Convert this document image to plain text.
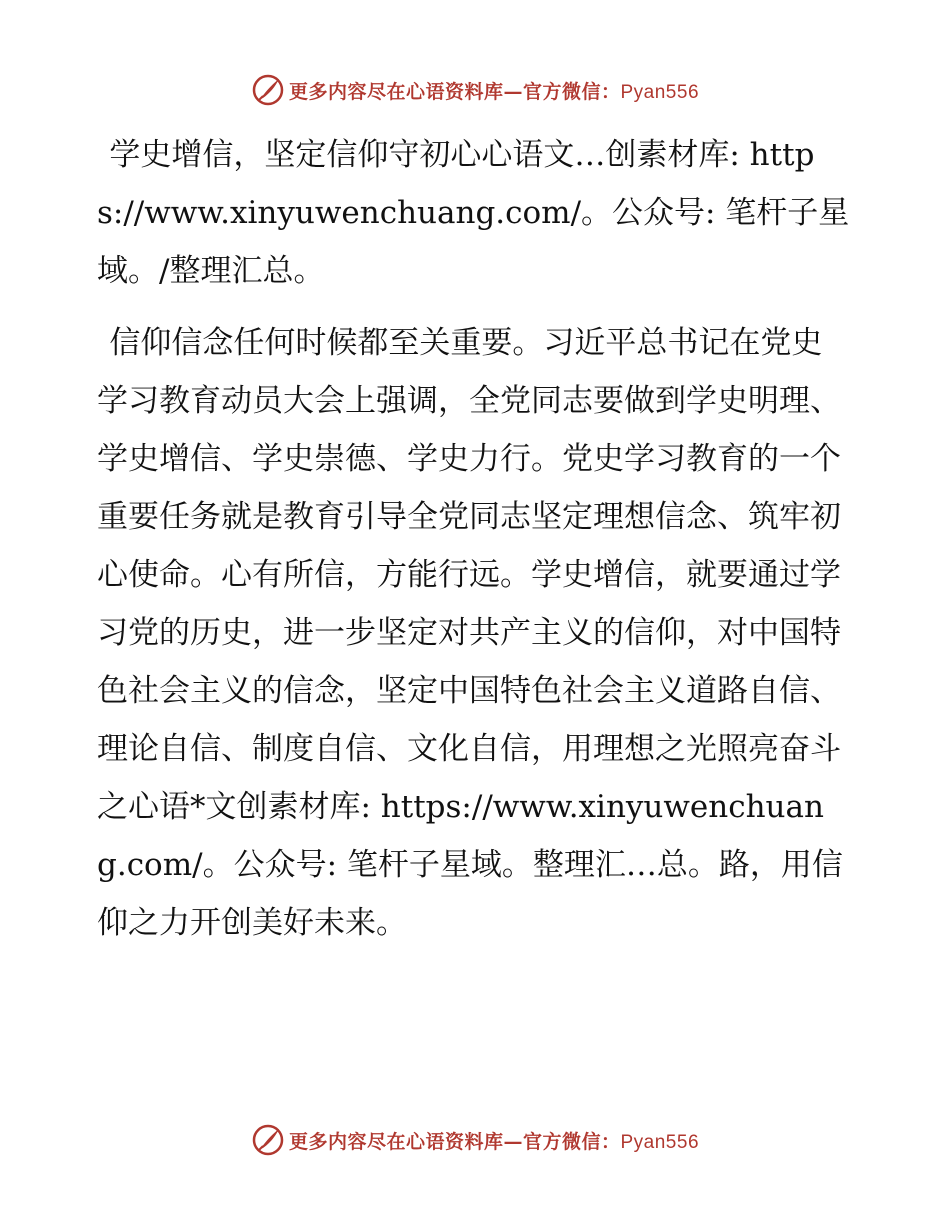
更多内容尽在心语资料库—官方微信：Pyan556

学史增信，坚定信仰守初心心语文…创素材库: https://www.xinyuwenchuang.com/。公众号: 笔杆子星域。/整理汇总。

信仰信念任何时候都至关重要。习近平总书记在党史学习教育动员大会上强调，全党同志要做到学史明理、学史增信、学史崇德、学史力行。党史学习教育的一个重要任务就是教育引导全党同志坚定理想信念、筑牢初心使命。心有所信，方能行远。学史增信，就要通过学习党的历史，进一步坚定对共产主义的信仰，对中国特色社会主义的信念，坚定中国特色社会主义道路自信、理论自信、制度自信、文化自信，用理想之光照亮奋斗之心语*文创素材库: https://www.xinyuwenchuang.com/。公众号: 笔杆子星域。整理汇…总。路，用信仰之力开创美好未来。

更多内容尽在心语资料库—官方微信：Pyan556
